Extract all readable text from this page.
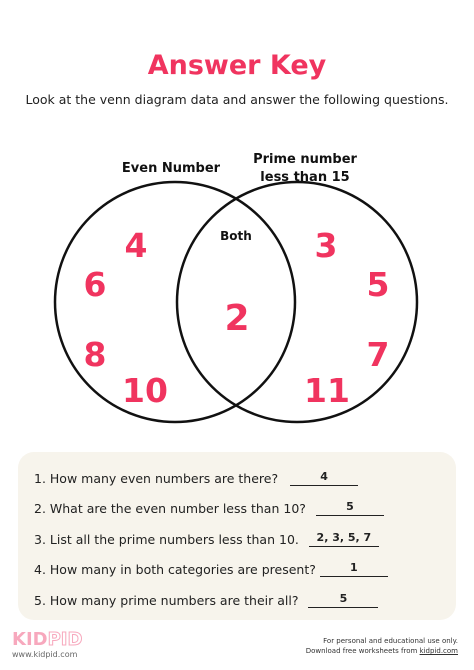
Answer Key

Look at the venn diagram data and answer the following questions.

Even Number
Prime number
less than 15
Both
4
6
8
10
2
3
5
7
11
1. How many even numbers are there?	4
2. What are the even number less than 10?	5
3. List all the prime numbers less than 10.	2, 3, 5, 7
4. How many in both categories are present?	1
5. How many prime numbers are their all?	5
KIDPID
www.kidpid.com
For personal and educational use only.
Download free worksheets from kidpid.com
